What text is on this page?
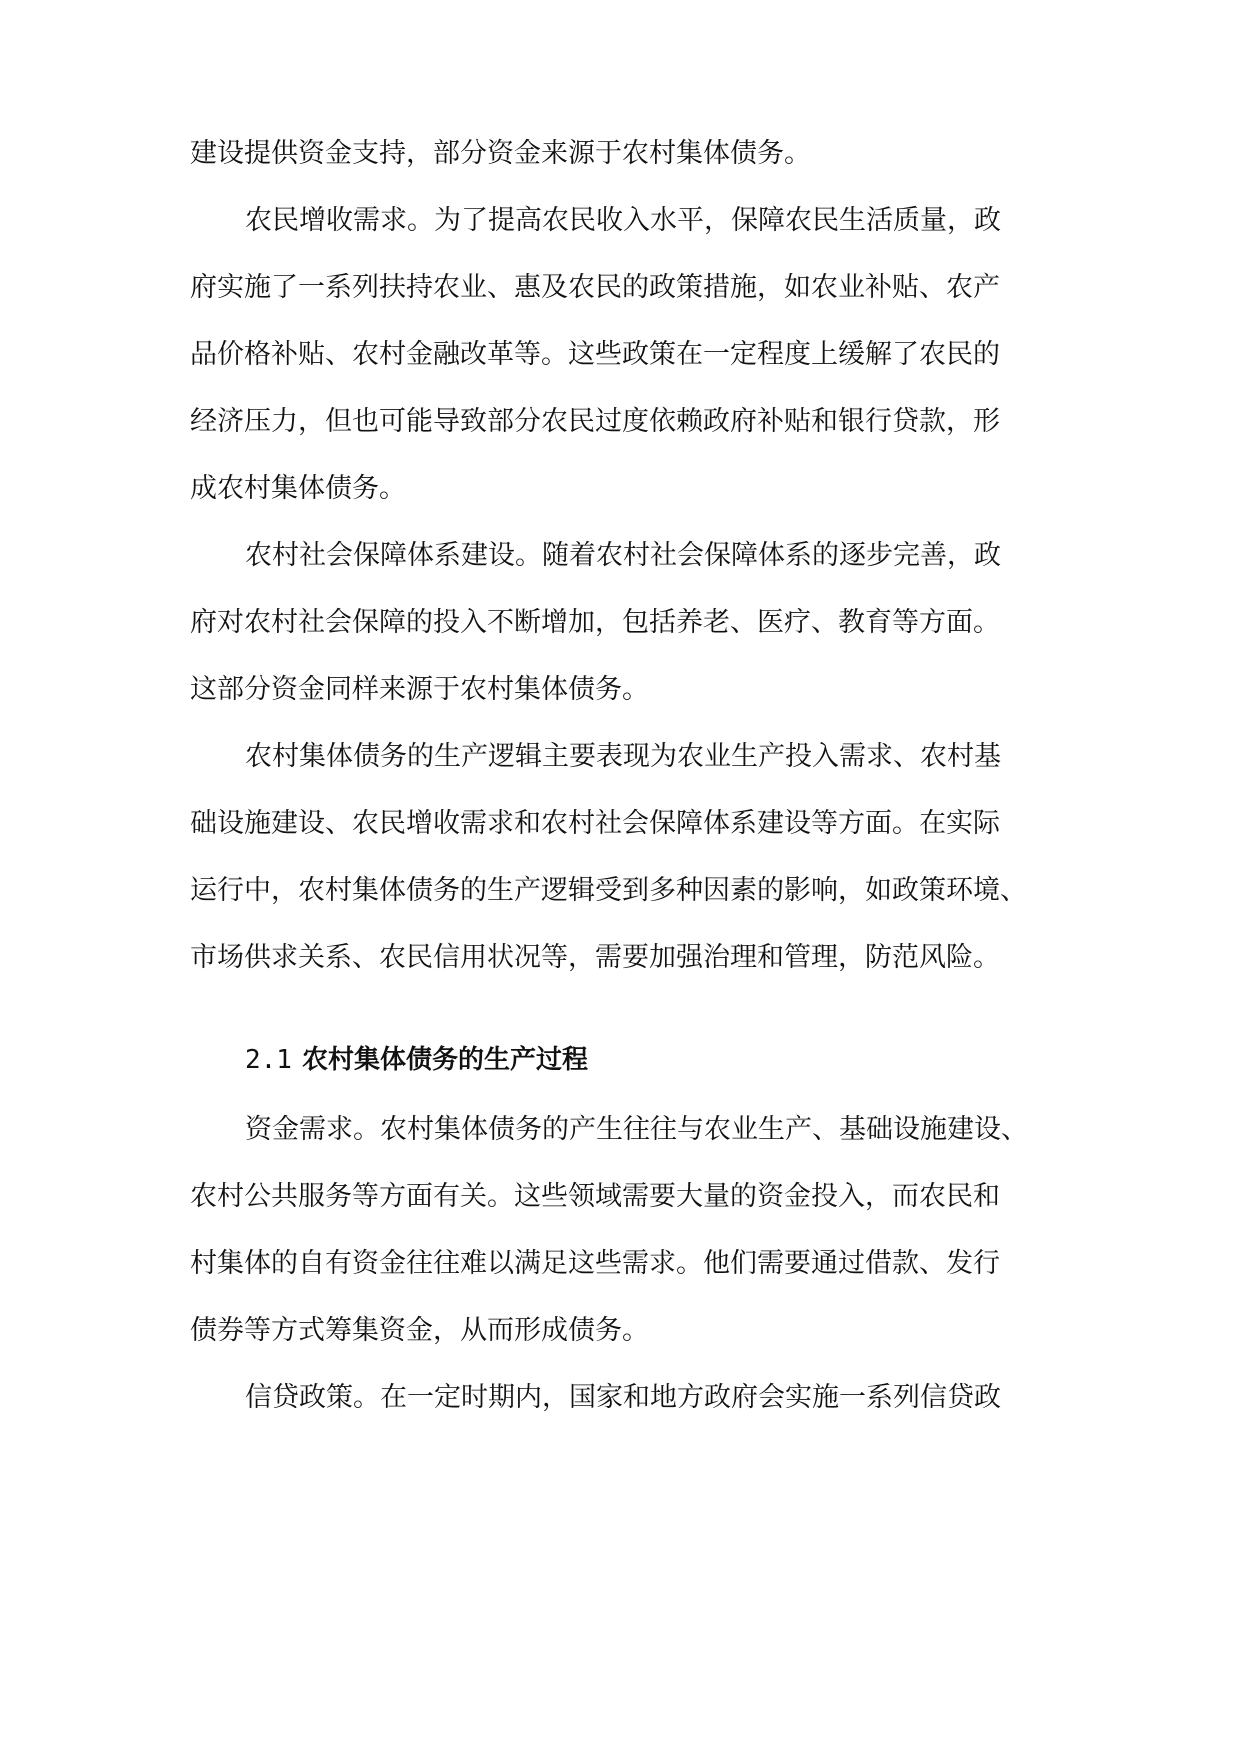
建设提供资金支持，部分资金来源于农村集体债务。

农民增收需求。为了提高农民收入水平，保障农民生活质量，政

府实施了一系列扶持农业、惠及农民的政策措施，如农业补贴、农产

品价格补贴、农村金融改革等。这些政策在一定程度上缓解了农民的

经济压力，但也可能导致部分农民过度依赖政府补贴和银行贷款，形

成农村集体债务。

农村社会保障体系建设。随着农村社会保障体系的逐步完善，政

府对农村社会保障的投入不断增加，包括养老、医疗、教育等方面。

这部分资金同样来源于农村集体债务。

农村集体债务的生产逻辑主要表现为农业生产投入需求、农村基

础设施建设、农民增收需求和农村社会保障体系建设等方面。在实际

运行中，农村集体债务的生产逻辑受到多种因素的影响，如政策环境、

市场供求关系、农民信用状况等，需要加强治理和管理，防范风险。

2.1 农村集体债务的生产过程

资金需求。农村集体债务的产生往往与农业生产、基础设施建设、

农村公共服务等方面有关。这些领域需要大量的资金投入，而农民和

村集体的自有资金往往难以满足这些需求。他们需要通过借款、发行

债券等方式筹集资金，从而形成债务。

信贷政策。在一定时期内，国家和地方政府会实施一系列信贷政
